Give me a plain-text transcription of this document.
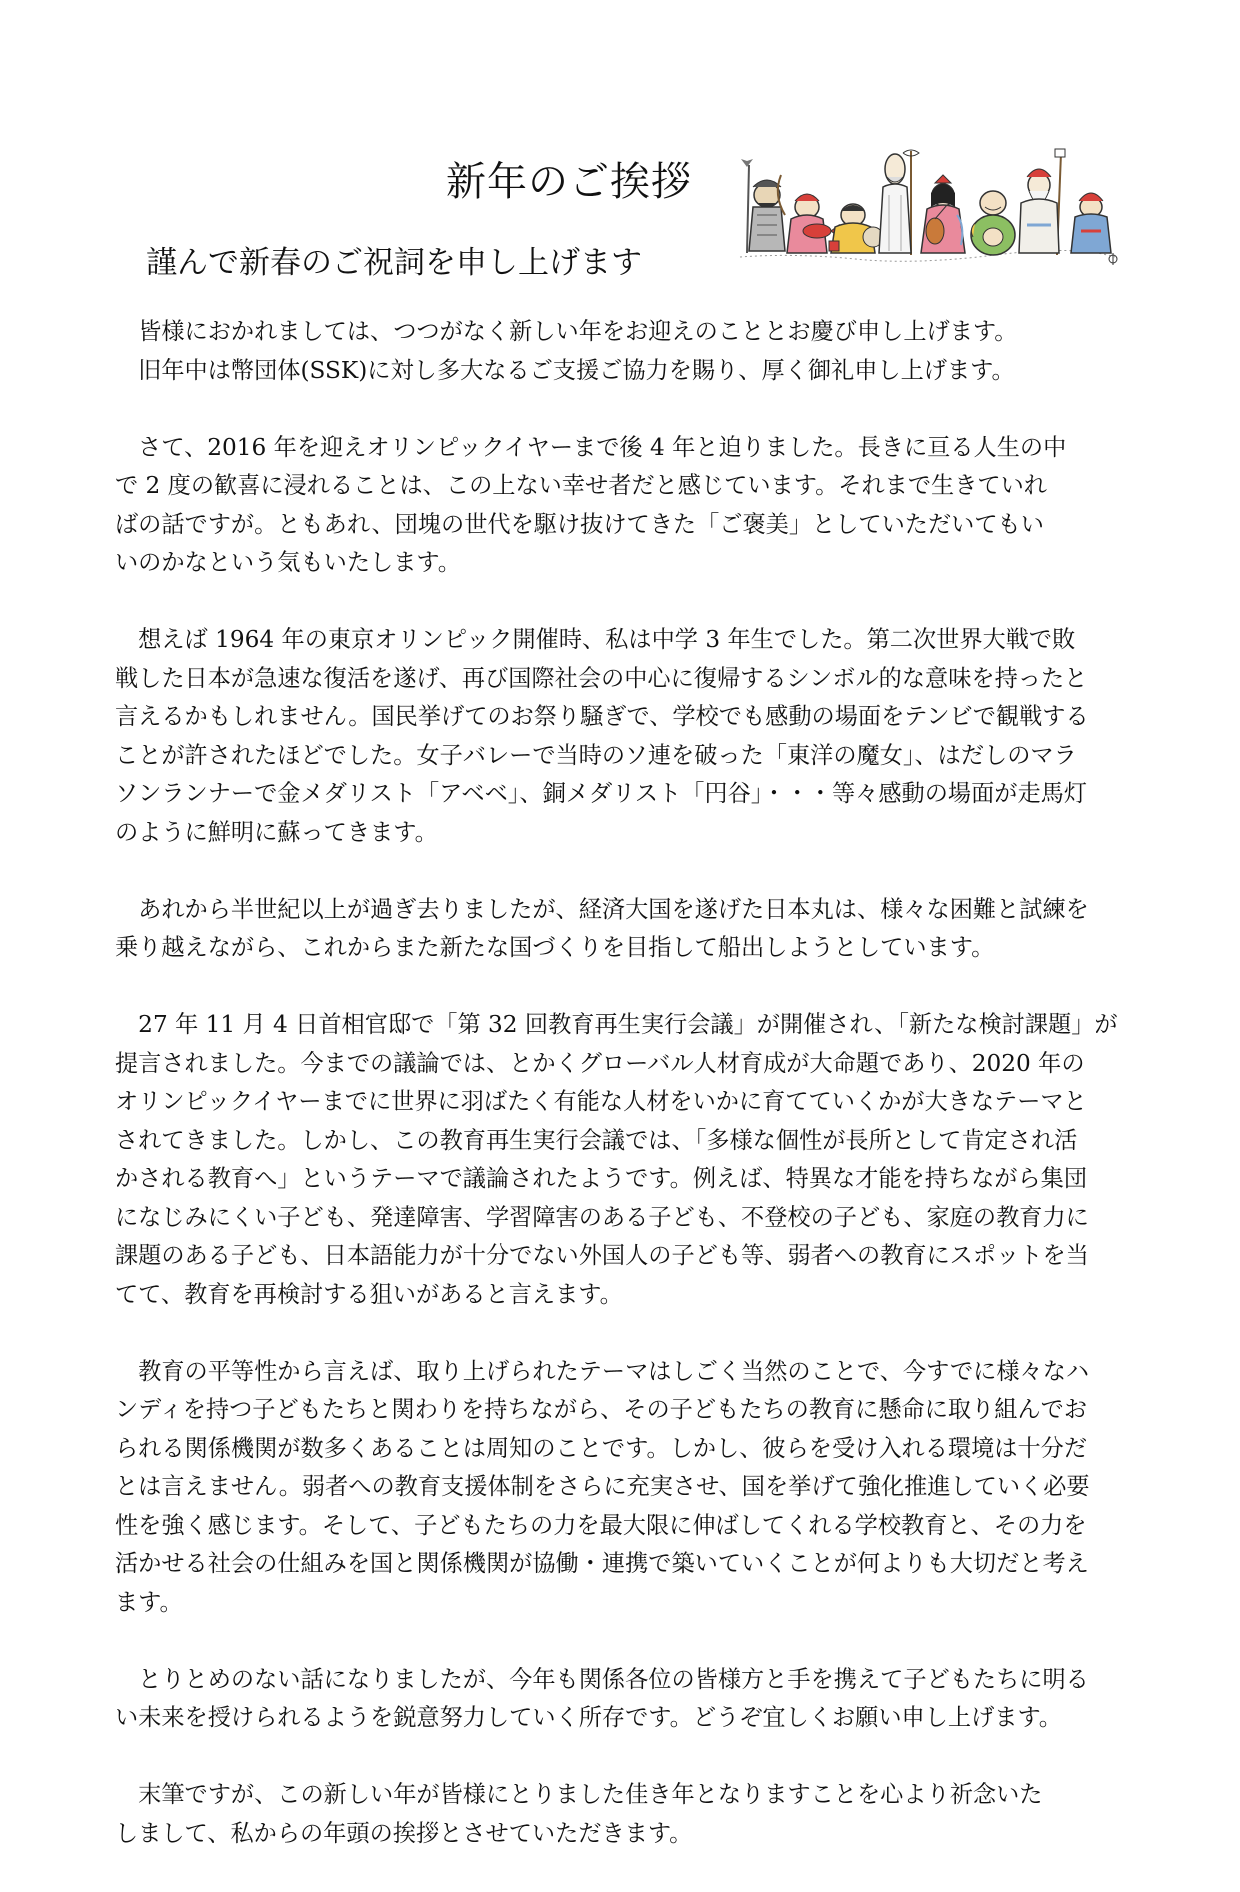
新年のご挨拶
謹んで新春のご祝詞を申し上げます
　皆様におかれましては、つつがなく新しい年をお迎えのこととお慶び申し上げます。
　旧年中は幣団体(SSK)に対し多大なるご支援ご協力を賜り、厚く御礼申し上げます。
　さて、2016 年を迎えオリンピックイヤーまで後 4 年と迫りました。長きに亘る人生の中
で 2 度の歓喜に浸れることは、この上ない幸せ者だと感じています。それまで生きていれ
ばの話ですが。ともあれ、団塊の世代を駆け抜けてきた「ご褒美」としていただいてもい
いのかなという気もいたします。
　想えば 1964 年の東京オリンピック開催時、私は中学 3 年生でした。第二次世界大戦で敗
戦した日本が急速な復活を遂げ、再び国際社会の中心に復帰するシンボル的な意味を持ったと
言えるかもしれません。国民挙げてのお祭り騒ぎで、学校でも感動の場面をテンビで観戦する
ことが許されたほどでした。女子バレーで当時のソ連を破った「東洋の魔女」、はだしのマラ
ソンランナーで金メダリスト「アベベ」、銅メダリスト「円谷」・・・等々感動の場面が走馬灯
のように鮮明に蘇ってきます。
　あれから半世紀以上が過ぎ去りましたが、経済大国を遂げた日本丸は、様々な困難と試練を
乗り越えながら、これからまた新たな国づくりを目指して船出しようとしています。
　27 年 11 月 4 日首相官邸で「第 32 回教育再生実行会議」が開催され、「新たな検討課題」が
提言されました。今までの議論では、とかくグローバル人材育成が大命題であり、2020 年の
オリンピックイヤーまでに世界に羽ばたく有能な人材をいかに育てていくかが大きなテーマと
されてきました。しかし、この教育再生実行会議では、「多様な個性が長所として肯定され活
かされる教育へ」というテーマで議論されたようです。例えば、特異な才能を持ちながら集団
になじみにくい子ども、発達障害、学習障害のある子ども、不登校の子ども、家庭の教育力に
課題のある子ども、日本語能力が十分でない外国人の子ども等、弱者への教育にスポットを当
てて、教育を再検討する狙いがあると言えます。
　教育の平等性から言えば、取り上げられたテーマはしごく当然のことで、今すでに様々なハ
ンディを持つ子どもたちと関わりを持ちながら、その子どもたちの教育に懸命に取り組んでお
られる関係機関が数多くあることは周知のことです。しかし、彼らを受け入れる環境は十分だ
とは言えません。弱者への教育支援体制をさらに充実させ、国を挙げて強化推進していく必要
性を強く感じます。そして、子どもたちの力を最大限に伸ばしてくれる学校教育と、その力を
活かせる社会の仕組みを国と関係機関が協働・連携で築いていくことが何よりも大切だと考え
ます。
　とりとめのない話になりましたが、今年も関係各位の皆様方と手を携えて子どもたちに明る
い未来を授けられるようを鋭意努力していく所存です。どうぞ宜しくお願い申し上げます。
　末筆ですが、この新しい年が皆様にとりました佳き年となりますことを心より祈念いた
しまして、私からの年頭の挨拶とさせていただきます。
